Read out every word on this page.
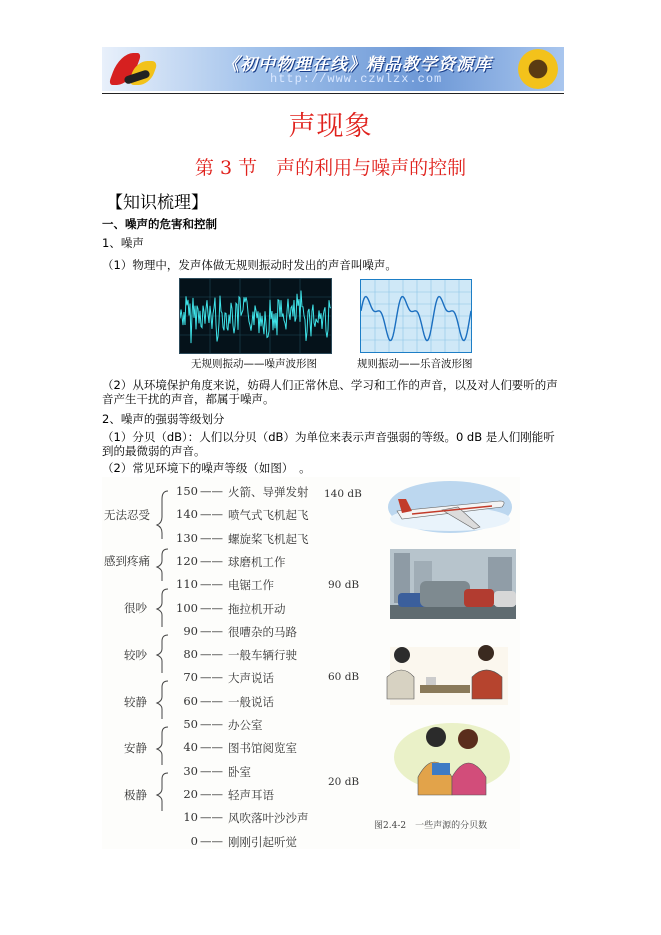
《初中物理在线》精品教学资源库
http://www.czwlzx.com
声现象
第 3 节　声的利用与噪声的控制
【知识梳理】
一、噪声的危害和控制
1、噪声
（1）物理中，发声体做无规则振动时发出的声音叫噪声。
无规则振动——噪声波形图	规则振动——乐音波形图
（2）从环境保护角度来说，妨碍人们正常休息、学习和工作的声音，以及对人们要听的声音产生干扰的声音，都属于噪声。
2、噪声的强弱等级划分
（1）分贝（dB）：人们以分贝（dB）为单位来表示声音强弱的等级。0 dB 是人们刚能听到的最微弱的声音。
（2）常见环境下的噪声等级（如图）　。
150 —— 火箭、导弹发射
140 —— 喷气式飞机起飞
130 —— 螺旋桨飞机起飞
120 —— 球磨机工作
110 —— 电锯工作
100 —— 拖拉机开动
90 —— 很嘈杂的马路
80 —— 一般车辆行驶
70 —— 大声说话
60 —— 一般说话
50 —— 办公室
40 —— 图书馆阅览室
30 —— 卧室
20 —— 轻声耳语
10 —— 风吹落叶沙沙声
0 —— 刚刚引起听觉
无法忍受
感到疼痛
很吵
较吵
较静
安静
极静
140 dB
90 dB
60 dB
20 dB
图2.4-2　一些声源的分贝数
